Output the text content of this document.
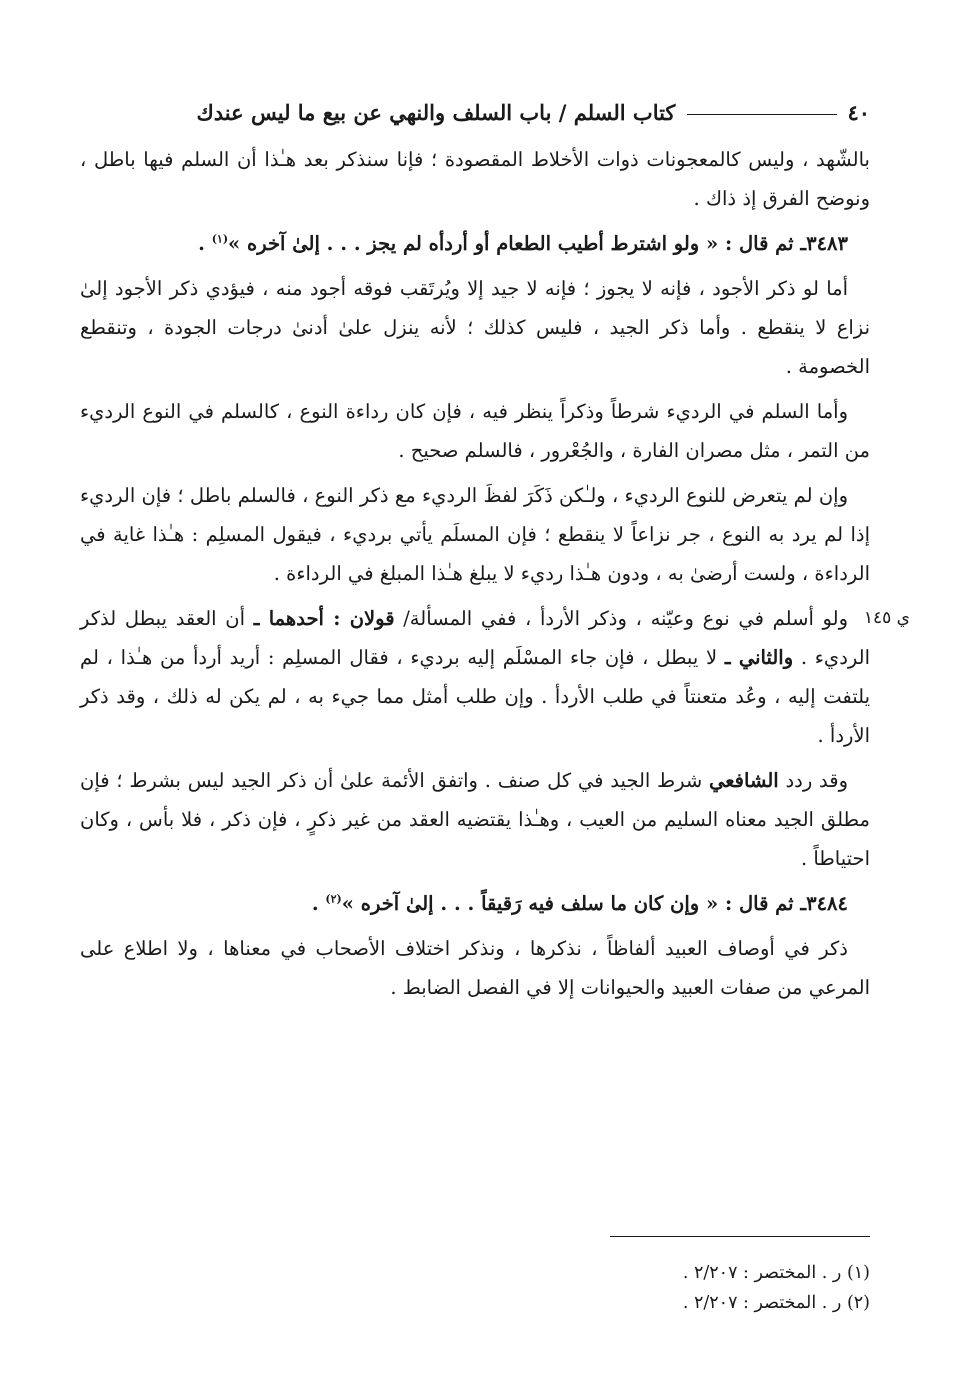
٤٠
كتاب السلم / باب السلف والنهي عن بيع ما ليس عندك

بالشّهد ، وليس كالمعجونات ذوات الأخلاط المقصودة ؛ فإنا سنذكر بعد هـٰذا أن السلم فيها باطل ، ونوضح الفرق إذ ذاك .

٣٤٨٣ـ ثم قال : « ولو اشترط أطيب الطعام أو أردأه لم يجز . . . إلىٰ آخره »$^{(١)}$ .

أما لو ذكر الأجود ، فإنه لا يجوز ؛ فإنه لا جيد إلا ويُرتَقب فوقه أجود منه ، فيؤدي ذكر الأجود إلىٰ نزاع لا ينقطع . وأما ذكر الجيد ، فليس كذلك ؛ لأنه ينزل علىٰ أدنىٰ درجات الجودة ، وتنقطع الخصومة .

وأما السلم في الرديء شرطاً وذكراً ينظر فيه ، فإن كان رداءة النوع ، كالسلم في النوع الرديء من التمر ، مثل مصران الفارة ، والجُعْرور ، فالسلم صحيح .

وإن لم يتعرض للنوع الرديء ، ولـٰكن ذَكَرَ لفظَ الرديء مع ذكر النوع ، فالسلم باطل ؛ فإن الرديء إذا لم يرد به النوع ، جر نزاعاً لا ينقطع ؛ فإن المسلَم يأتي برديء ، فيقول المسلِم : هـٰذا غاية في الرداءة ، ولست أرضىٰ به ، ودون هـٰذا رديء لا يبلغ هـٰذا المبلغ في الرداءة .

ي ١٤٥
ولو أسلم في نوع وعيّنه ، وذكر الأردأ ، ففي المسألة/ قولان : أحدهما ـ أن العقد يبطل لذكر الرديء . والثاني ـ لا يبطل ، فإن جاء المسْلَم إليه برديء ، فقال المسلِم : أريد أردأ من هـٰذا ، لم يلتفت إليه ، وعُد متعنتاً في طلب الأردأ . وإن طلب أمثل مما جيء به ، لم يكن له ذلك ، وقد ذكر الأردأ .

وقد ردد الشافعي شرط الجيد في كل صنف . واتفق الأئمة علىٰ أن ذكر الجيد ليس بشرط ؛ فإن مطلق الجيد معناه السليم من العيب ، وهـٰذا يقتضيه العقد من غير ذكرٍ ، فإن ذكر ، فلا بأس ، وكان احتياطاً .

٣٤٨٤ـ ثم قال : « وإن كان ما سلف فيه رَقيقاً . . . إلىٰ آخره »$^{(٢)}$ .

ذكر في أوصاف العبيد ألفاظاً ، نذكرها ، ونذكر اختلاف الأصحاب في معناها ، ولا اطلاع على المرعي من صفات العبيد والحيوانات إلا في الفصل الضابط .

(١) ر . المختصر : ٢/٢٠٧ .
(٢) ر . المختصر : ٢/٢٠٧ .
